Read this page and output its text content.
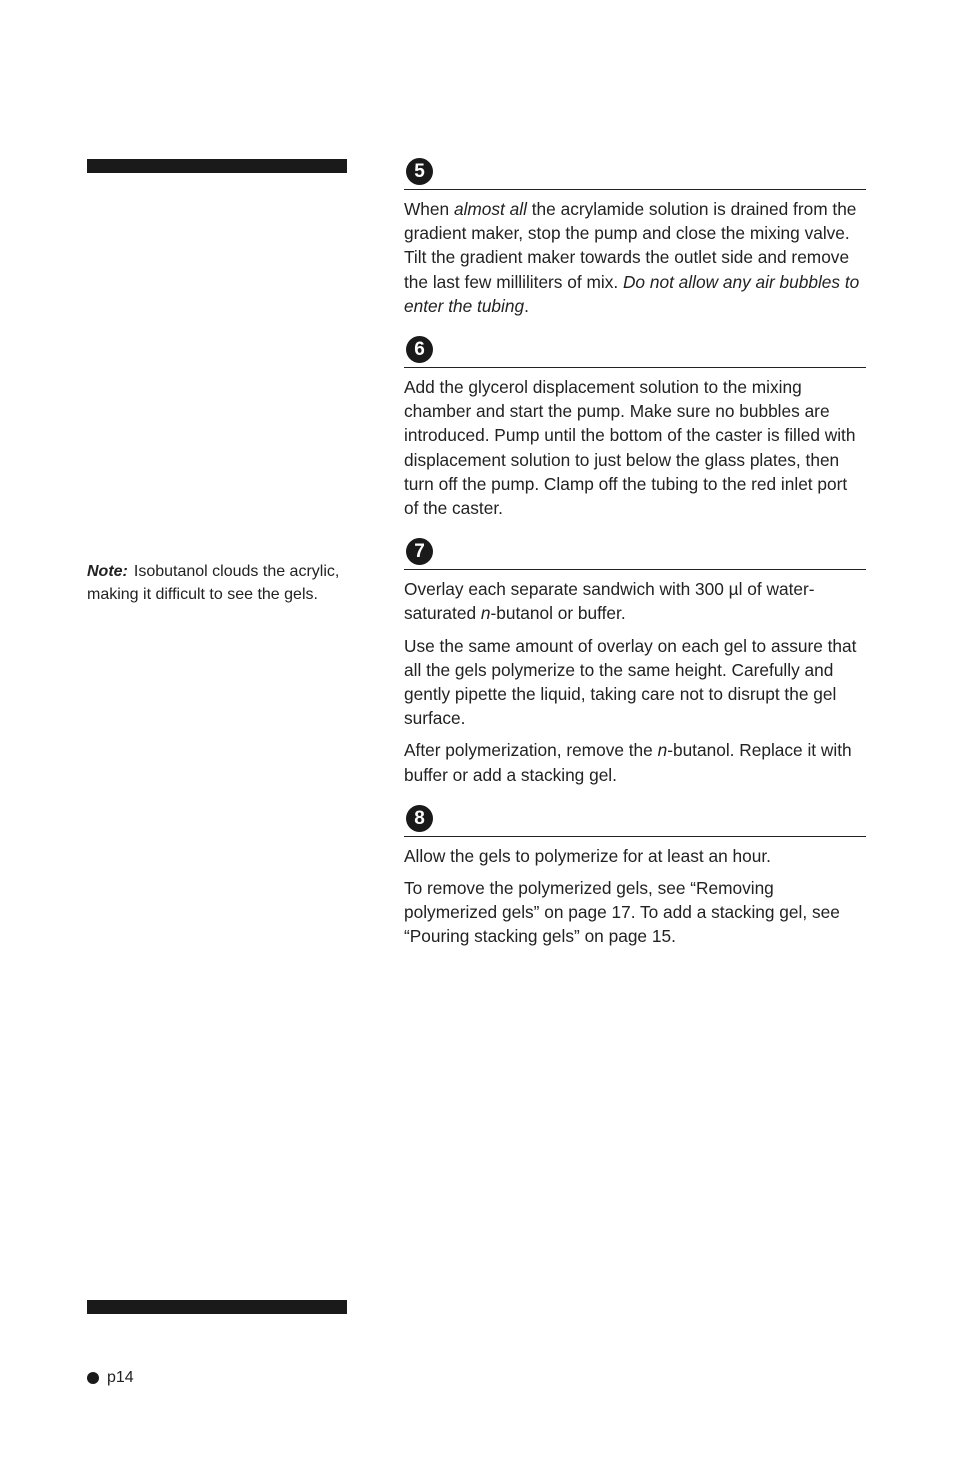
Note: Isobutanol clouds the acrylic, making it difficult to see the gels.
5

When almost all the acrylamide solution is drained from the gradient maker, stop the pump and close the mixing valve. Tilt the gradient maker towards the outlet side and remove the last few milliliters of mix. Do not allow any air bubbles to enter the tubing.

6

Add the glycerol displacement solution to the mixing chamber and start the pump. Make sure no bubbles are introduced. Pump until the bottom of the caster is filled with displacement solution to just below the glass plates, then turn off the pump. Clamp off the tubing to the red inlet port of the caster.

7

Overlay each separate sandwich with 300 µl of water-saturated n-butanol or buffer.

Use the same amount of overlay on each gel to assure that all the gels polymerize to the same height. Carefully and gently pipette the liquid, taking care not to disrupt the gel surface.

After polymerization, remove the n-butanol. Replace it with buffer or add a stacking gel.

8

Allow the gels to polymerize for at least an hour.

To remove the polymerized gels, see “Removing polymerized gels” on page 17. To add a stacking gel, see “Pouring stacking gels” on page 15.

p14
